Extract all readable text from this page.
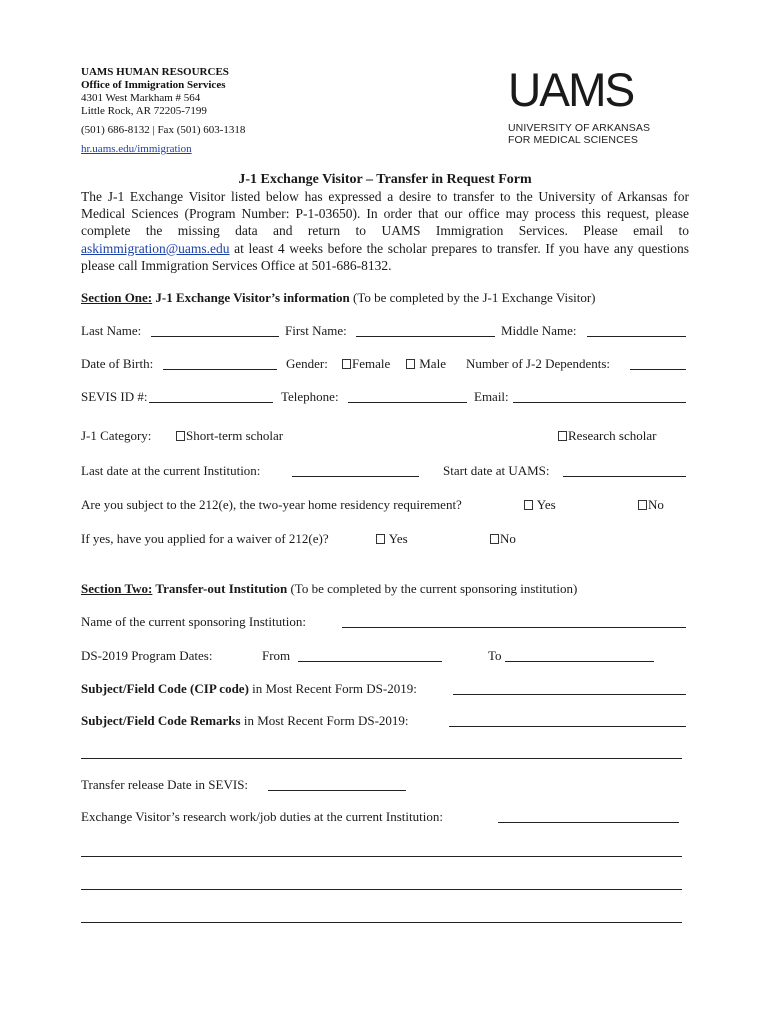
UAMS HUMAN RESOURCES
Office of Immigration Services
4301 West Markham # 564
Little Rock, AR 72205-7199
(501) 686-8132 | Fax (501) 603-1318
hr.uams.edu/immigration
UAMS
UNIVERSITY OF ARKANSAS
FOR MEDICAL SCIENCES
J-1 Exchange Visitor – Transfer in Request Form
The J-1 Exchange Visitor listed below has expressed a desire to transfer to the University of Arkansas for Medical Sciences (Program Number: P-1-03650). In order that our office may process this request, please complete the missing data and return to UAMS Immigration Services. Please email to askimmigration@uams.edu at least 4 weeks before the scholar prepares to transfer. If you have any questions please call Immigration Services Office at 501-686-8132.
Section One: J-1 Exchange Visitor’s information (To be completed by the J-1 Exchange Visitor)
Last Name:	First Name:	Middle Name:
Date of Birth:	Gender:	Female	Male Number of J-2 Dependents:
SEVIS ID #:	Telephone:	Email:
J-1 Category:	Short-term scholar	Research scholar
Last date at the current Institution:	Start date at UAMS:
Are you subject to the 212(e), the two-year home residency requirement?	Yes	No
If yes, have you applied for a waiver of 212(e)?	Yes	No
Section Two: Transfer-out Institution (To be completed by the current sponsoring institution)
Name of the current sponsoring Institution:
DS-2019 Program Dates:	From	To
Subject/Field Code (CIP code) in Most Recent Form DS-2019:
Subject/Field Code Remarks in Most Recent Form DS-2019:
Transfer release Date in SEVIS:
Exchange Visitor’s research work/job duties at the current Institution:
